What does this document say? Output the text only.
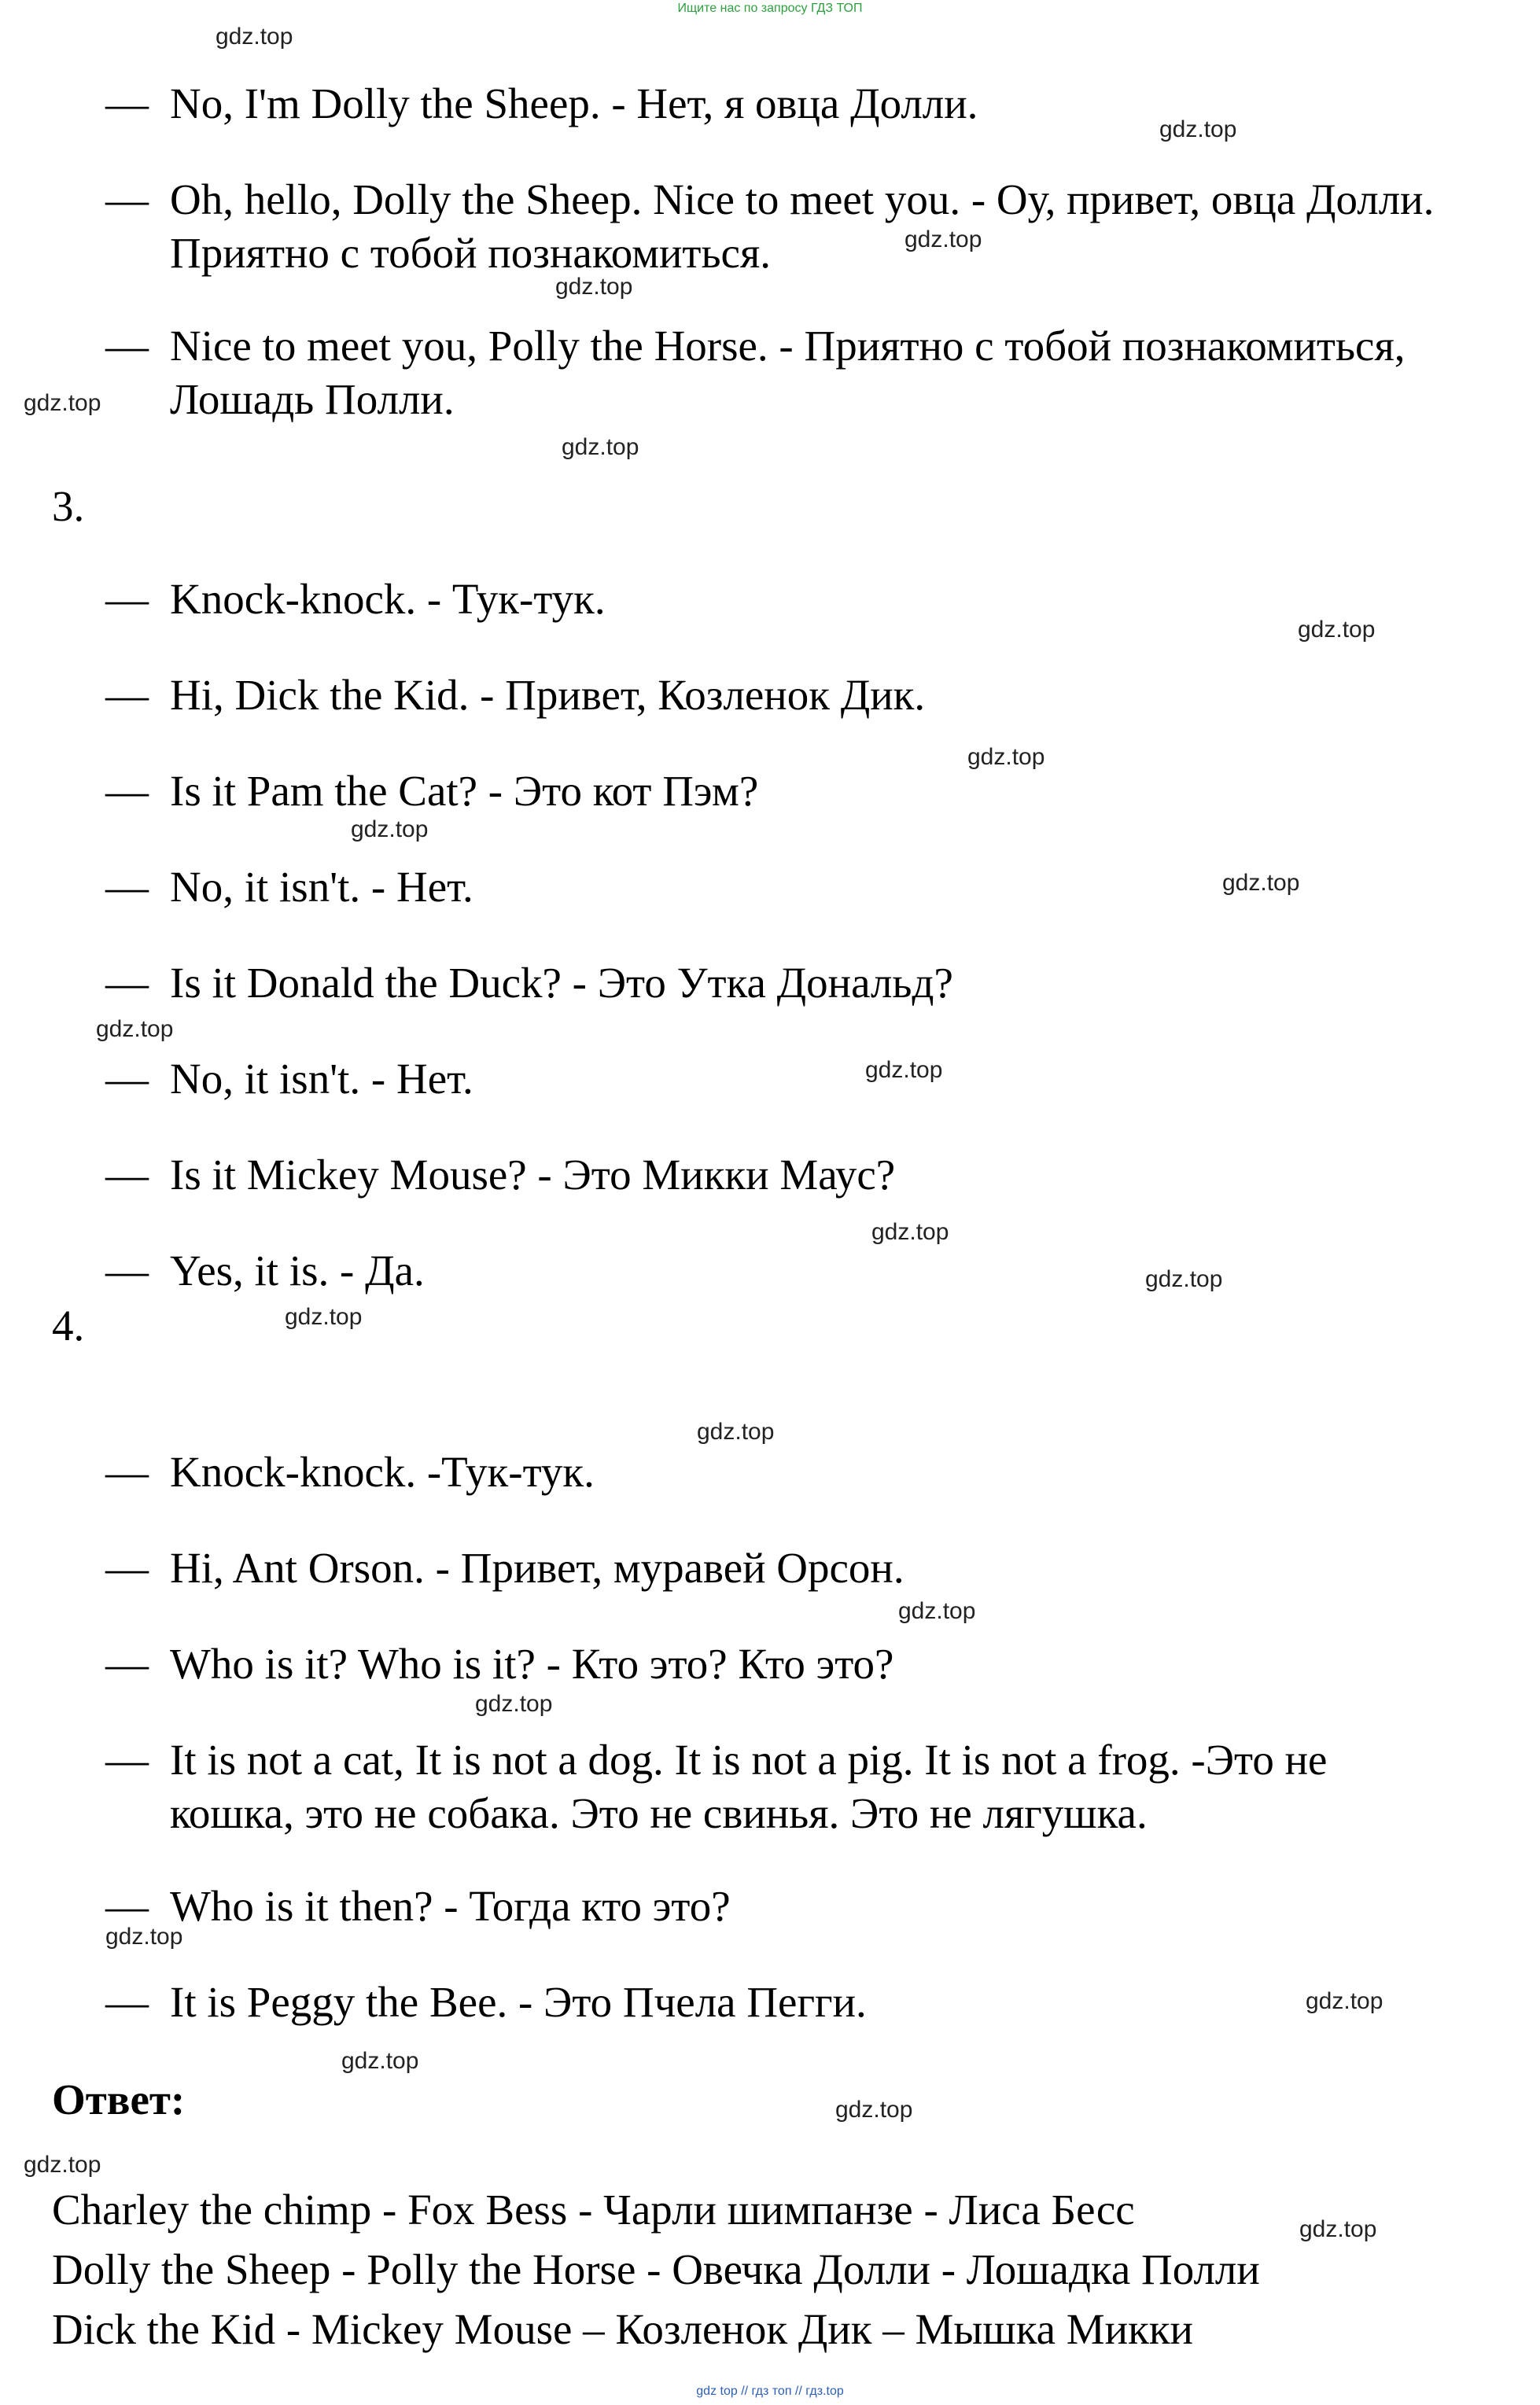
Ищите нас по запросу ГДЗ ТОП
— No, I'm Dolly the Sheep. - Нет, я овца Долли.
— Oh, hello, Dolly the Sheep. Nice to meet you. - Оу, привет, овца Долли.
Приятно с тобой познакомиться.
— Nice to meet you, Polly the Horse. - Приятно с тобой познакомиться,
Лошадь Полли.
3.
— Knock-knock. - Тук-тук.
— Hi, Dick the Kid. - Привет, Козленок Дик.
— Is it Pam the Cat? - Это кот Пэм?
— No, it isn't. - Нет.
— Is it Donald the Duck? - Это Утка Дональд?
— No, it isn't. - Нет.
— Is it Mickey Mouse? - Это Микки Маус?
— Yes, it is. - Да.
4.
— Knock-knock. -Тук-тук.
— Hi, Ant Orson. - Привет, муравей Орсон.
— Who is it? Who is it? - Кто это? Кто это?
— It is not a cat, It is not a dog. It is not a pig. It is not a frog. -Это не
кошка, это не собака. Это не свинья. Это не лягушка.
— Who is it then? - Тогда кто это?
— It is Peggy the Bee. - Это Пчела Пегги.
Ответ:
Charley the chimp - Fox Bess - Чарли шимпанзе - Лиса Бесс
Dolly the Sheep - Polly the Horse - Овечка Долли - Лошадка Полли
Dick the Kid - Mickey Mouse – Козленок Дик – Мышка Микки
gdz.top
gdz.top
gdz.top
gdz.top
gdz.top
gdz.top
gdz.top
gdz.top
gdz.top
gdz.top
gdz.top
gdz.top
gdz.top
gdz.top
gdz.top
gdz.top
gdz.top
gdz.top
gdz.top
gdz.top
gdz.top
gdz.top
gdz.top
gdz.top
gdz top // гдз топ // гдз.top
